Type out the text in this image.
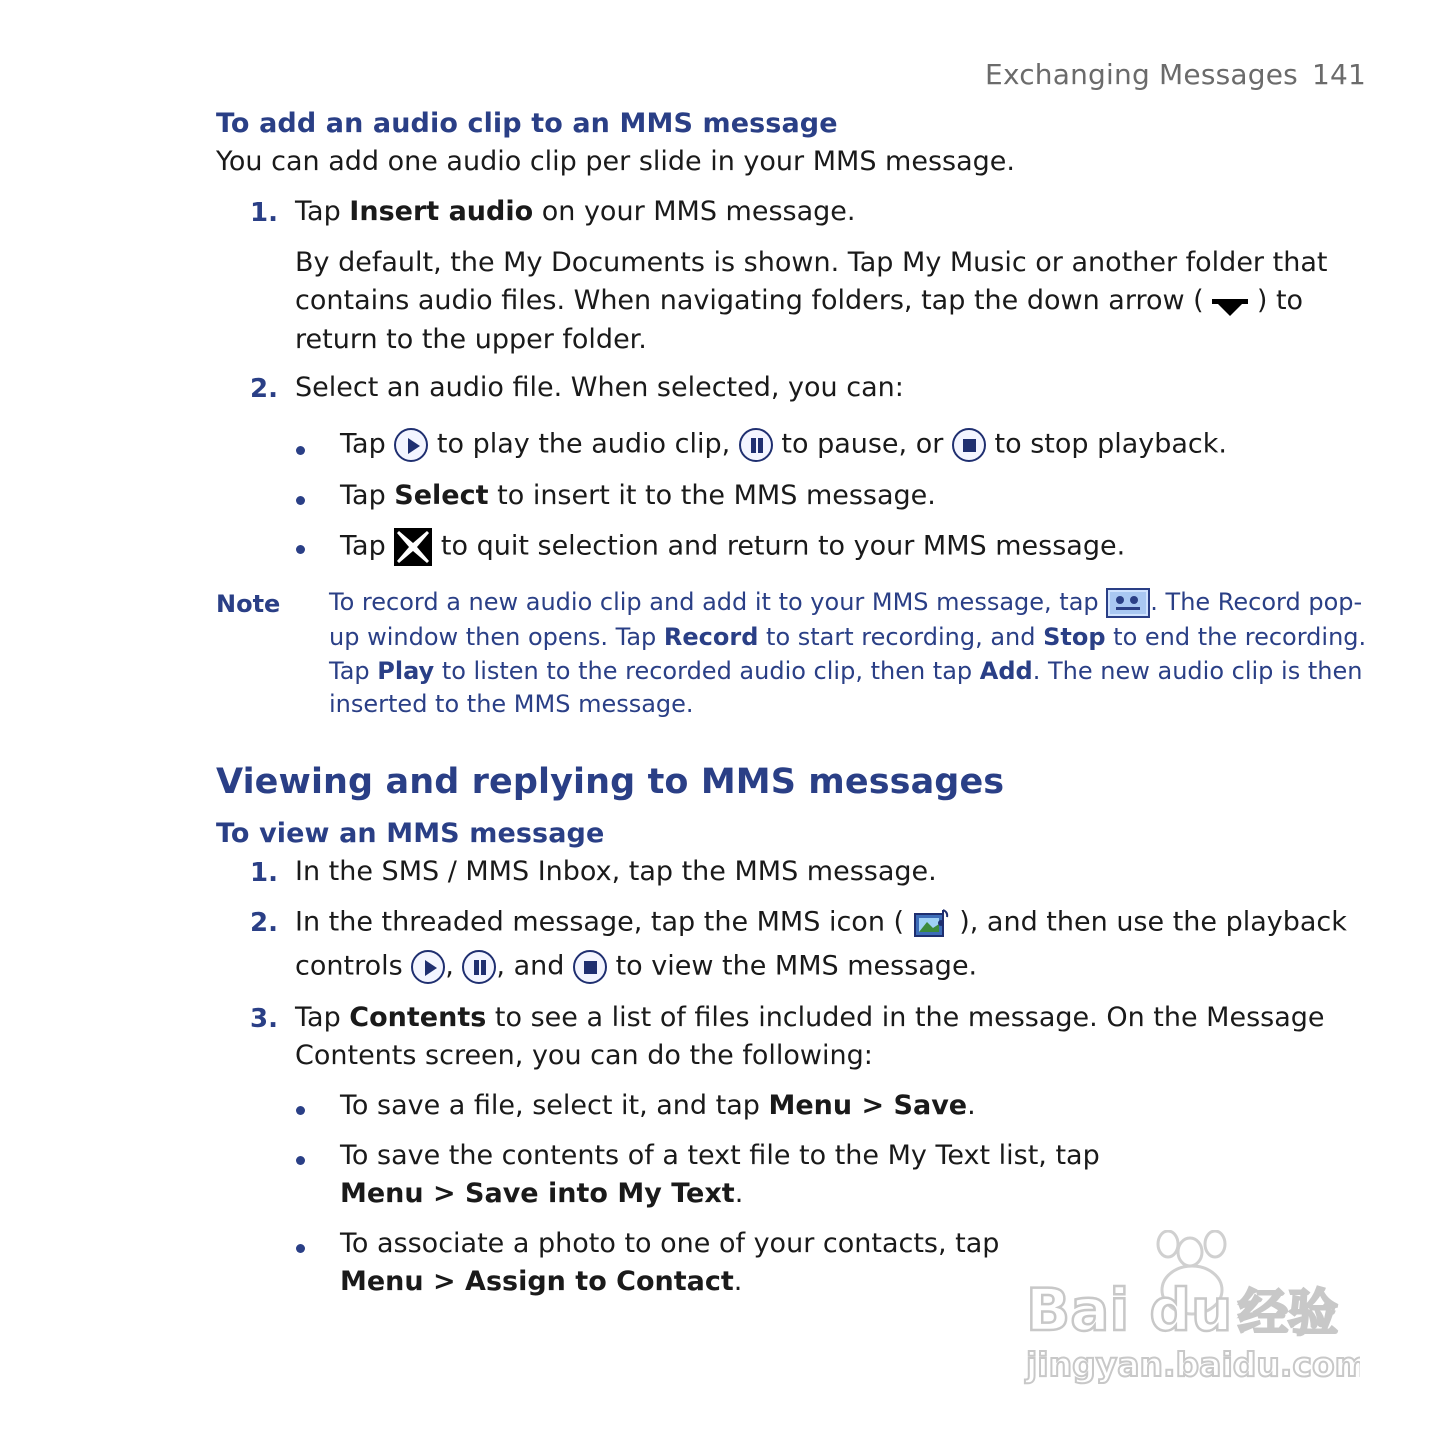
Exchanging Messages 141
To add an audio clip to an MMS message
You can add one audio clip per slide in your MMS message.
1. Tap Insert audio on your MMS message.
By default, the My Documents is shown. Tap My Music or another folder that
contains audio files. When navigating folders, tap the down arrow ( ) to
return to the upper folder.
2. Select an audio file. When selected, you can:
Tap
to play the audio clip,
to pause, or
to stop playback.
Tap Select to insert it to the MMS message.
Tap
to quit selection and return to your MMS message.
Note To record a new audio clip and add it to your MMS message, tap . The Record pop-
up window then opens. Tap Record to start recording, and Stop to end the recording.
Tap Play to listen to the recorded audio clip, then tap Add. The new audio clip is then
inserted to the MMS message.
Viewing and replying to MMS messages
To view an MMS message
1. In the SMS / MMS Inbox, tap the MMS message.
2. In the threaded message, tap the MMS icon ( ), and then use the playback
controls
,
, and
to view the MMS message.
3. Tap Contents to see a list of files included in the message. On the Message
Contents screen, you can do the following:
To save a file, select it, and tap Menu > Save.
To save the contents of a text file to the My Text list, tap
Menu > Save into My Text.
To associate a photo to one of your contacts, tap
Menu > Assign to Contact.	Bai du 经验
jingyan.baidu.com
